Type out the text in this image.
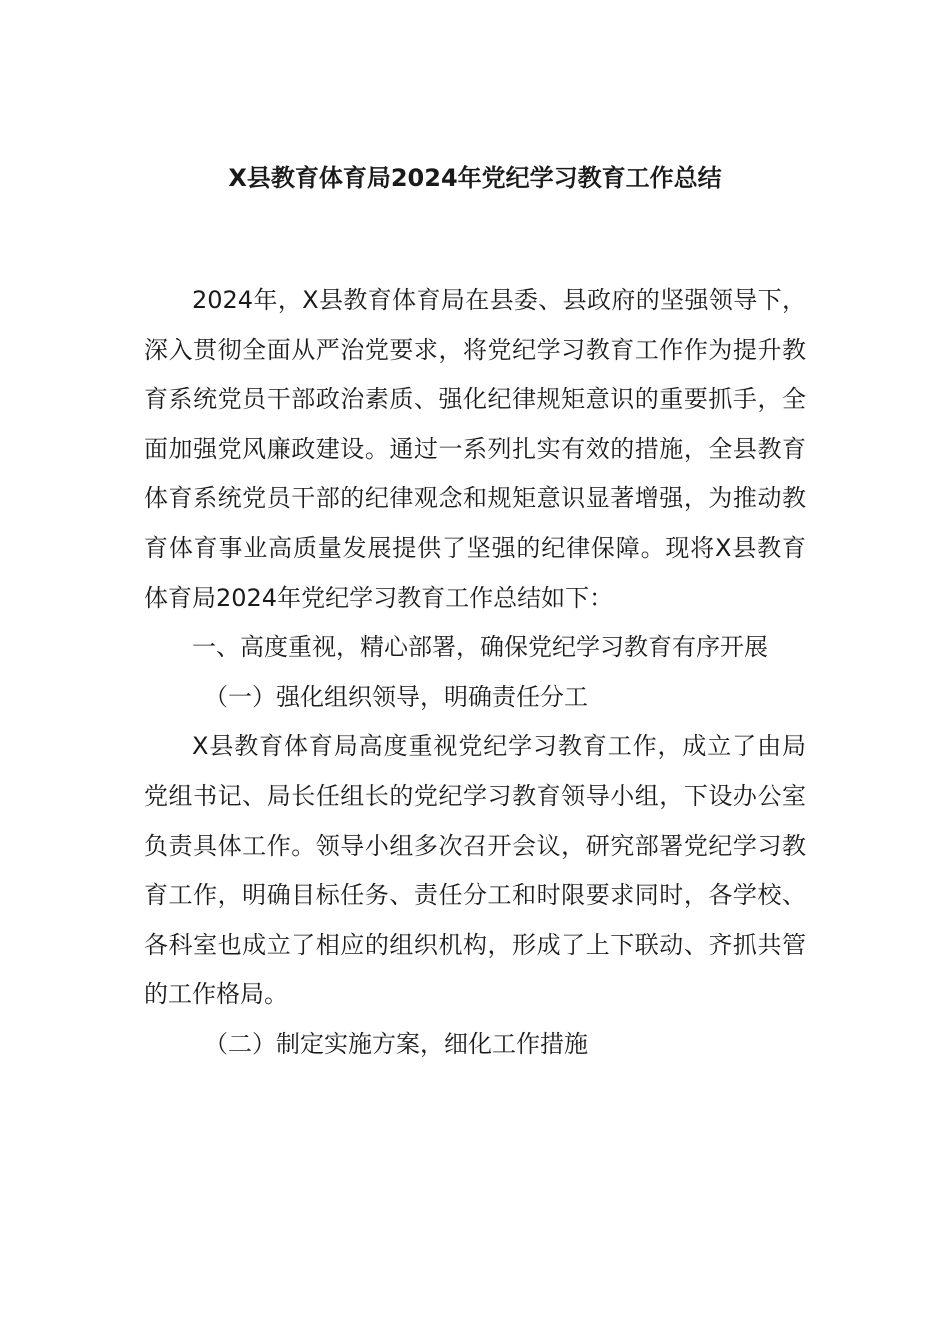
X县教育体育局2024年党纪学习教育工作总结

2024年，X县教育体育局在县委、县政府的坚强领导下，深入贯彻全面从严治党要求，将党纪学习教育工作作为提升教育系统党员干部政治素质、强化纪律规矩意识的重要抓手，全面加强党风廉政建设。通过一系列扎实有效的措施，全县教育体育系统党员干部的纪律观念和规矩意识显著增强，为推动教育体育事业高质量发展提供了坚强的纪律保障。现将X县教育体育局2024年党纪学习教育工作总结如下：

一、高度重视，精心部署，确保党纪学习教育有序开展

（一）强化组织领导，明确责任分工

X县教育体育局高度重视党纪学习教育工作，成立了由局党组书记、局长任组长的党纪学习教育领导小组，下设办公室负责具体工作。领导小组多次召开会议，研究部署党纪学习教育工作，明确目标任务、责任分工和时限要求同时，各学校、各科室也成立了相应的组织机构，形成了上下联动、齐抓共管的工作格局。

（二）制定实施方案，细化工作措施
